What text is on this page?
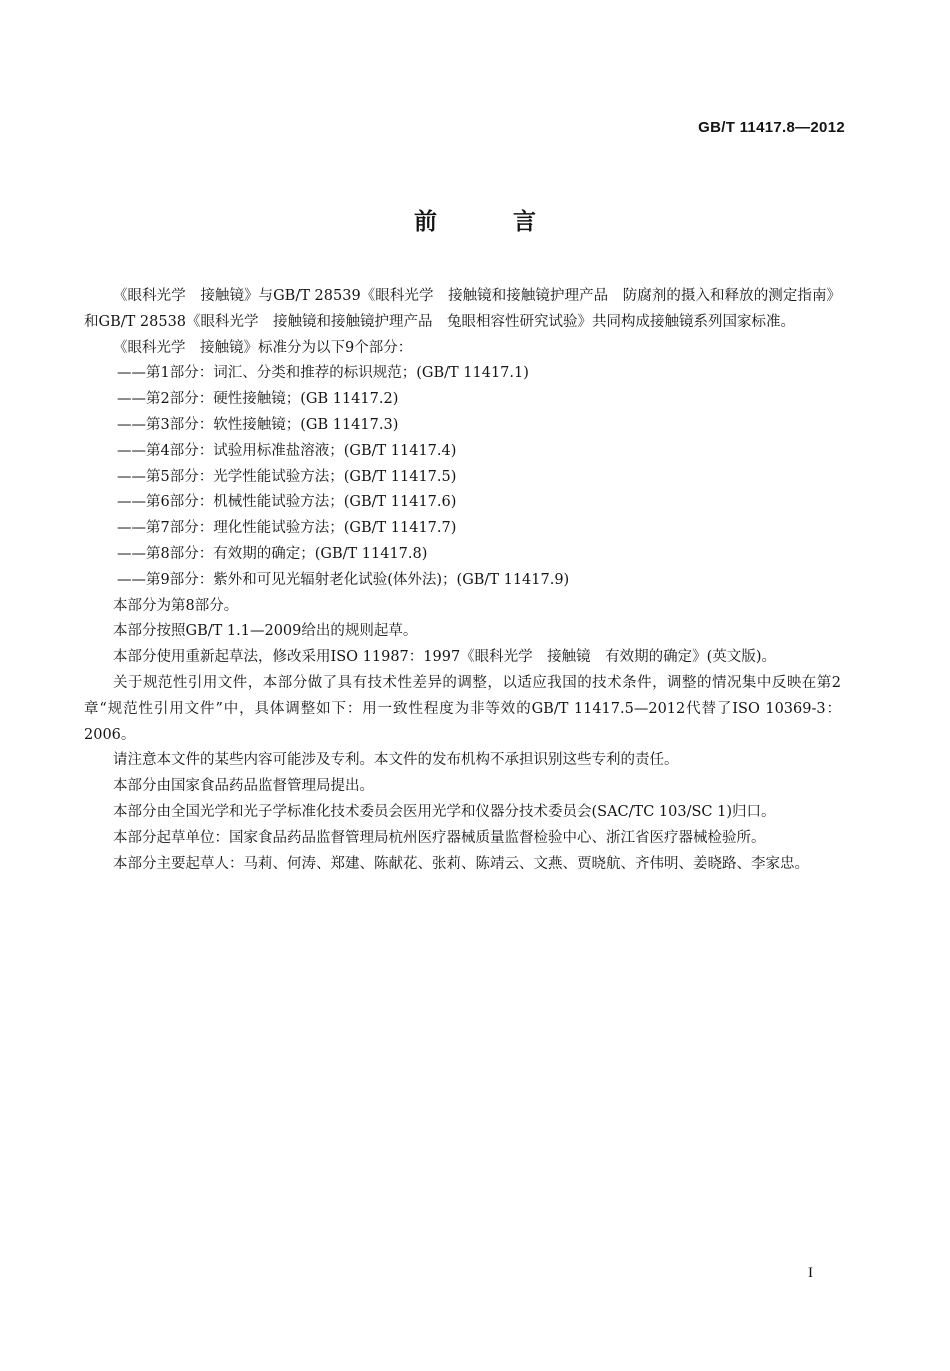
GB/T 11417.8—2012
前 言

《眼科光学　接触镜》与GB/T 28539《眼科光学　接触镜和接触镜护理产品　防腐剂的摄入和释放的测定指南》和GB/T 28538《眼科光学　接触镜和接触镜护理产品　兔眼相容性研究试验》共同构成接触镜系列国家标准。

《眼科光学　接触镜》标准分为以下9个部分：

——第1部分：词汇、分类和推荐的标识规范；(GB/T 11417.1)

——第2部分：硬性接触镜；(GB 11417.2)

——第3部分：软性接触镜；(GB 11417.3)

——第4部分：试验用标准盐溶液；(GB/T 11417.4)

——第5部分：光学性能试验方法；(GB/T 11417.5)

——第6部分：机械性能试验方法；(GB/T 11417.6)

——第7部分：理化性能试验方法；(GB/T 11417.7)

——第8部分：有效期的确定；(GB/T 11417.8)

——第9部分：紫外和可见光辐射老化试验(体外法)；(GB/T 11417.9)

本部分为第8部分。

本部分按照GB/T 1.1—2009给出的规则起草。

本部分使用重新起草法，修改采用ISO 11987：1997《眼科光学　接触镜　有效期的确定》(英文版)。

关于规范性引用文件，本部分做了具有技术性差异的调整，以适应我国的技术条件，调整的情况集中反映在第2章“规范性引用文件”中，具体调整如下：用一致性程度为非等效的GB/T 11417.5—2012代替了ISO 10369-3：2006。

请注意本文件的某些内容可能涉及专利。本文件的发布机构不承担识别这些专利的责任。

本部分由国家食品药品监督管理局提出。

本部分由全国光学和光子学标准化技术委员会医用光学和仪器分技术委员会(SAC/TC 103/SC 1)归口。

本部分起草单位：国家食品药品监督管理局杭州医疗器械质量监督检验中心、浙江省医疗器械检验所。

本部分主要起草人：马莉、何涛、郑建、陈献花、张莉、陈靖云、文燕、贾晓航、齐伟明、姜晓路、李家忠。

I
